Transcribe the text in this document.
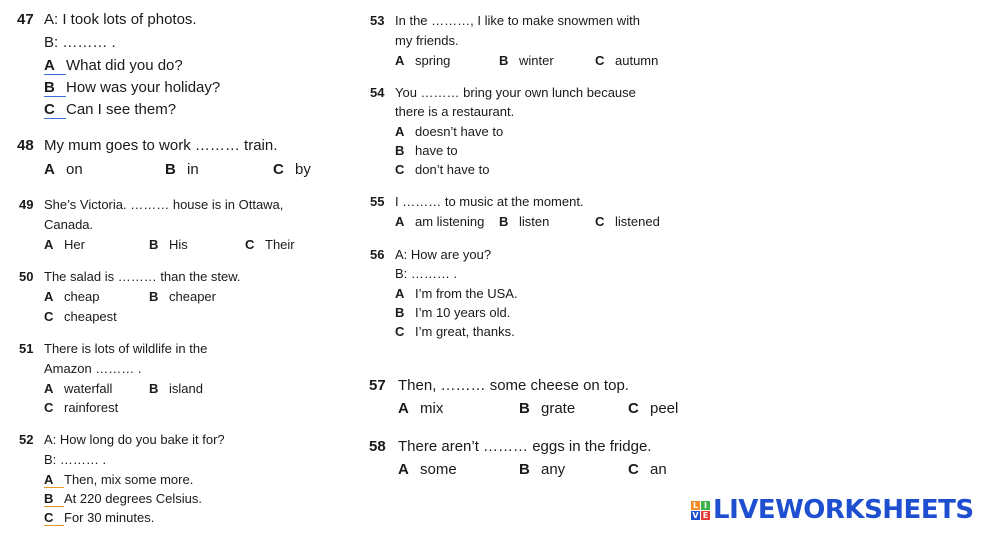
47 A: I took lots of photos.
B: ……… .
A What did you do?
B How was your holiday?
C Can I see them?
48 My mum goes to work ……… train.
A on	B in	C by
49 She’s Victoria. ……… house is in Ottawa,
Canada.
A Her	B His	C Their
50 The salad is ……… than the stew.
A cheap	B cheaper
C cheapest
51 There is lots of wildlife in the
Amazon ……… .
A waterfall	B island
C rainforest
52 A: How long do you bake it for?
B: ……… .
A Then, mix some more.
B At 220 degrees Celsius.
C For 30 minutes.
53 In the ………, I like to make snowmen with
my friends.
A spring	B winter	C autumn
54 You ……… bring your own lunch because
there is a restaurant.
A doesn’t have to
B have to
C don’t have to
55 I ……… to music at the moment.
A am listening B listen	C listened
56 A: How are you?
B: ……… .
A I’m from the USA.
B I’m 10 years old.
C I’m great, thanks.
57 Then, ……… some cheese on top.
A mix	B grate	C peel
58 There aren’t ……… eggs in the fridge.
A some	B any	C an
L I
V E LIVEWORKSHEETS
